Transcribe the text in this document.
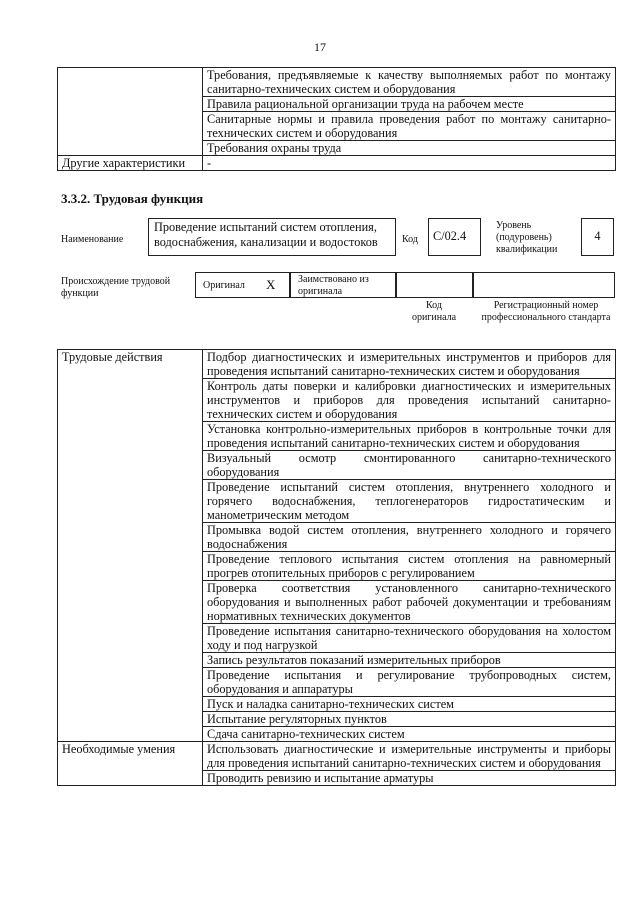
17
	Требования, предъявляемые к качеству выполняемых работ по монтажу санитарно-технических систем и оборудования
	Правила рациональной организации труда на рабочем месте
	Санитарные нормы и правила проведения работ по монтажу санитарно-технических систем и оборудования
	Требования охраны труда
Другие характеристики	-
3.3.2. Трудовая функция
Наименование
Проведение испытаний систем отопления, водоснабжения, канализации и водостоков	Код	C/02.4
Уровень (подуровень) квалификации
4
Происхождение трудовой функции
Оригинал X Заимствовано из оригинала
Код оригинала
Регистрационный номер профессионального стандарта
Трудовые действия	Подбор диагностических и измерительных инструментов и приборов для проведения испытаний санитарно-технических систем и оборудования
	Контроль даты поверки и калибровки диагностических и измерительных инструментов и приборов для проведения испытаний санитарно-технических систем и оборудования
	Установка контрольно-измерительных приборов в контрольные точки для проведения испытаний санитарно-технических систем и оборудования
	Визуальный осмотр смонтированного санитарно-технического оборудования
	Проведение испытаний систем отопления, внутреннего холодного и горячего водоснабжения, теплогенераторов гидростатическим и манометрическим методом
	Промывка водой систем отопления, внутреннего холодного и горячего водоснабжения
	Проведение теплового испытания систем отопления на равномерный прогрев отопительных приборов с регулированием
	Проверка соответствия установленного санитарно-технического оборудования и выполненных работ рабочей документации и требованиям нормативных технических документов
	Проведение испытания санитарно-технического оборудования на холостом ходу и под нагрузкой
	Запись результатов показаний измерительных приборов
	Проведение испытания и регулирование трубопроводных систем, оборудования и аппаратуры
	Пуск и наладка санитарно-технических систем
	Испытание регуляторных пунктов
	Сдача санитарно-технических систем
Необходимые умения	Использовать диагностические и измерительные инструменты и приборы для проведения испытаний санитарно-технических систем и оборудования
	Проводить ревизию и испытание арматуры
